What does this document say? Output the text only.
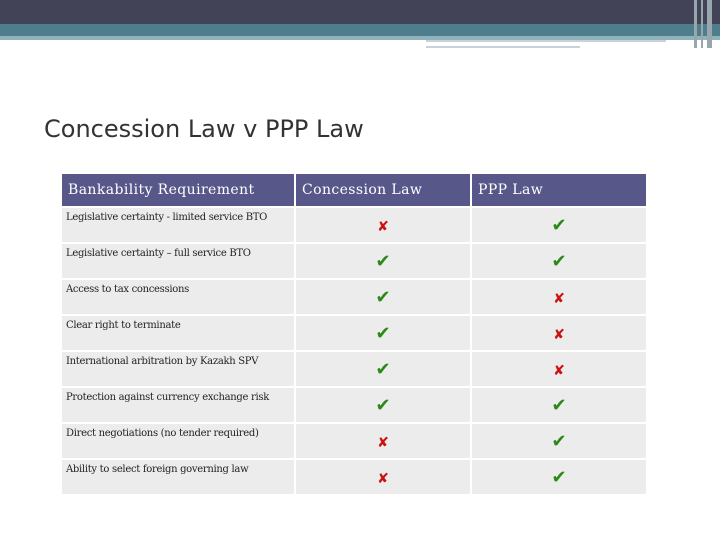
Concession Law v PPP Law
Bankability Requirement	Concession Law	PPP Law
Legislative certainty - limited service BTO	✘	✔
Legislative certainty – full service BTO	✔	✔
Access to tax concessions	✔	✘
Clear right to terminate	✔	✘
International arbitration by Kazakh SPV	✔	✘
Protection against currency exchange risk	✔	✔
Direct negotiations (no tender required)	✘	✔
Ability to select foreign governing law	✘	✔
